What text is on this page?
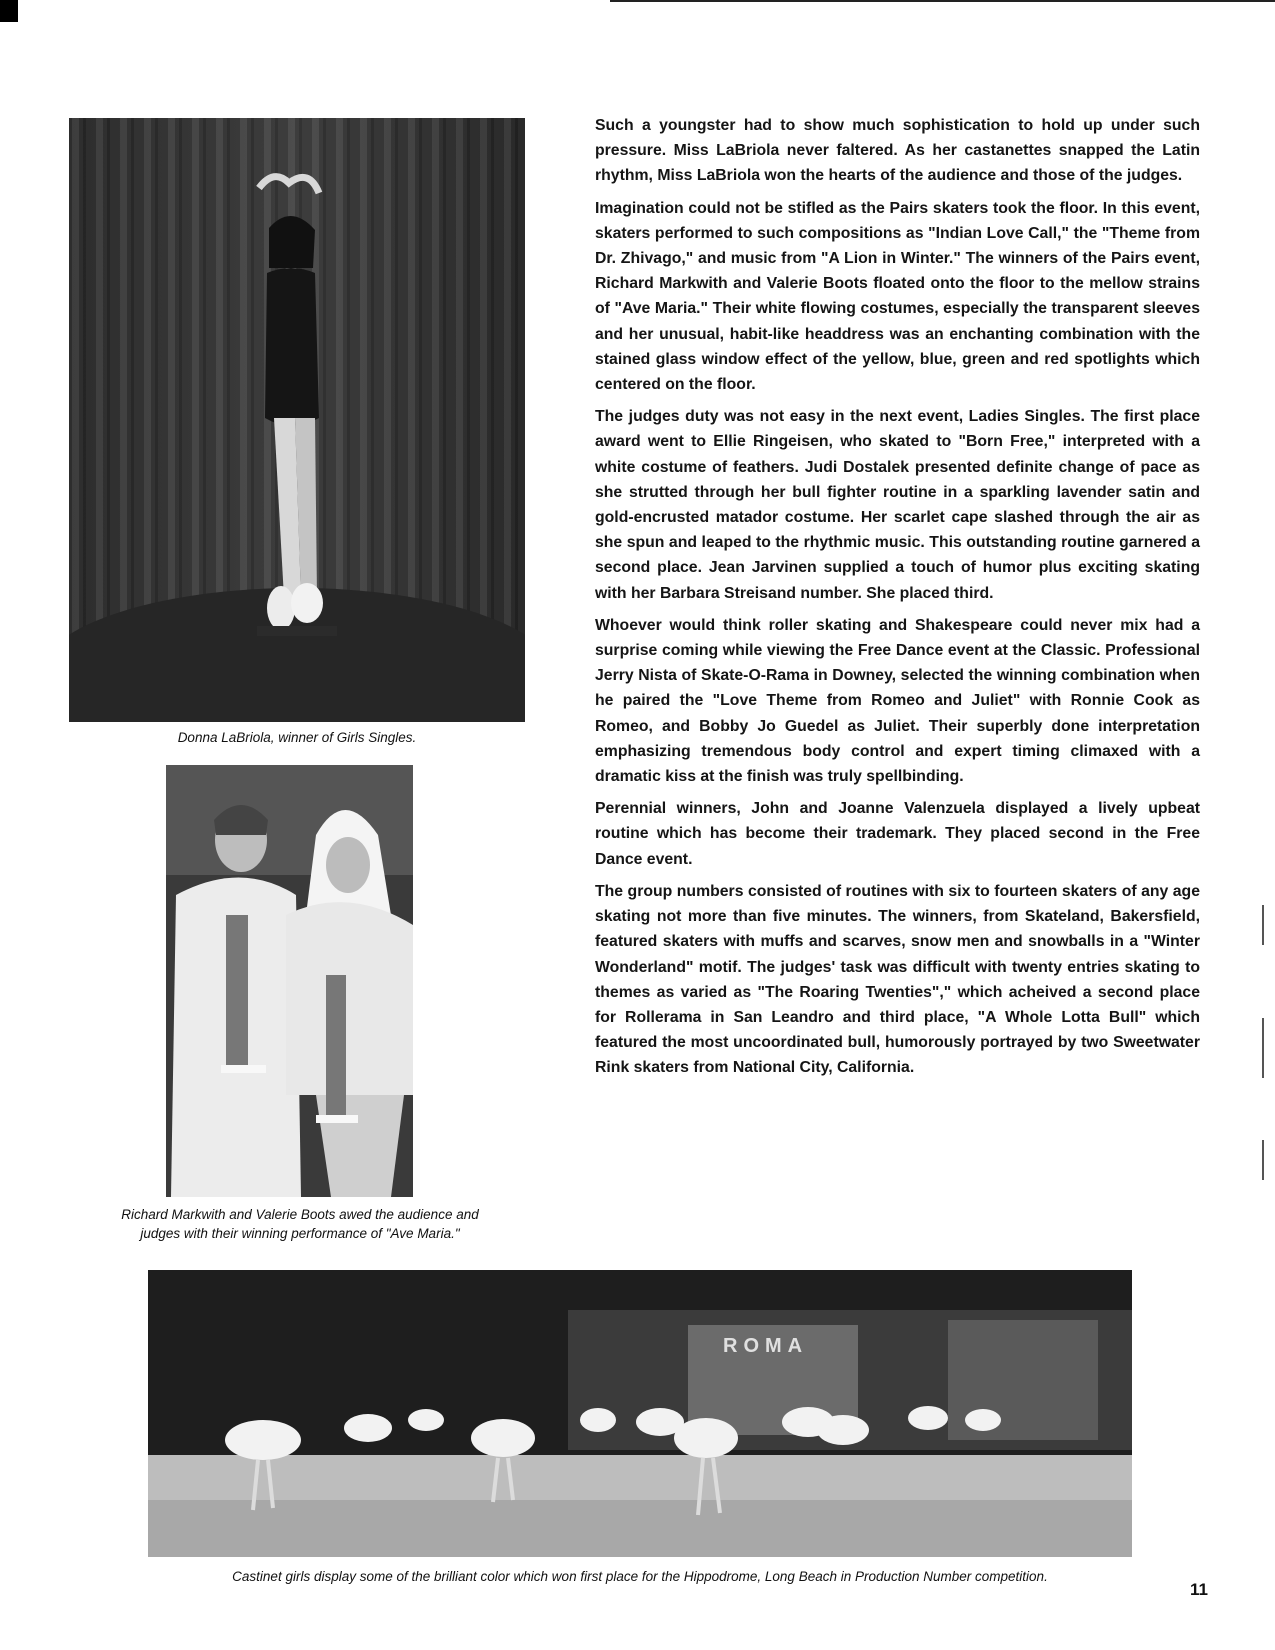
Donna LaBriola, winner of Girls Singles.
Richard Markwith and Valerie Boots awed the audience and
judges with their winning performance of "Ave Maria."

Such a youngster had to show much sophistication to hold up under such pressure. Miss LaBriola never faltered. As her castanettes snapped the Latin rhythm, Miss LaBriola won the hearts of the audience and those of the judges.

Imagination could not be stifled as the Pairs skaters took the floor. In this event, skaters performed to such compositions as "Indian Love Call," the "Theme from Dr. Zhivago," and music from "A Lion in Winter." The winners of the Pairs event, Richard Markwith and Valerie Boots floated onto the floor to the mellow strains of "Ave Maria." Their white flowing costumes, especially the transparent sleeves and her unusual, habit-like headdress was an enchanting combination with the stained glass window effect of the yellow, blue, green and red spotlights which centered on the floor.

The judges duty was not easy in the next event, Ladies Singles. The first place award went to Ellie Ringeisen, who skated to "Born Free," interpreted with a white costume of feathers. Judi Dostalek presented definite change of pace as she strutted through her bull fighter routine in a sparkling lavender satin and gold-encrusted matador costume. Her scarlet cape slashed through the air as she spun and leaped to the rhythmic music. This outstanding routine garnered a second place. Jean Jarvinen supplied a touch of humor plus exciting skating with her Barbara Streisand number. She placed third.

Whoever would think roller skating and Shakespeare could never mix had a surprise coming while viewing the Free Dance event at the Classic. Professional Jerry Nista of Skate-O-Rama in Downey, selected the winning combination when he paired the "Love Theme from Romeo and Juliet" with Ronnie Cook as Romeo, and Bobby Jo Guedel as Juliet. Their superbly done interpretation emphasizing tremendous body control and expert timing climaxed with a dramatic kiss at the finish was truly spellbinding.

Perennial winners, John and Joanne Valenzuela displayed a lively upbeat routine which has become their trademark. They placed second in the Free Dance event.

The group numbers consisted of routines with six to fourteen skaters of any age skating not more than five minutes. The winners, from Skateland, Bakersfield, featured skaters with muffs and scarves, snow men and snowballs in a "Winter Wonderland" motif. The judges' task was difficult with twenty entries skating to themes as varied as "The Roaring Twenties"," which acheived a second place for Rollerama in San Leandro and third place, "A Whole Lotta Bull" which featured the most uncoordinated bull, humorously portrayed by two Sweetwater Rink skaters from National City, California.

ROMA
Castinet girls display some of the brilliant color which won first place for the Hippodrome, Long Beach in Production Number competition.
11
